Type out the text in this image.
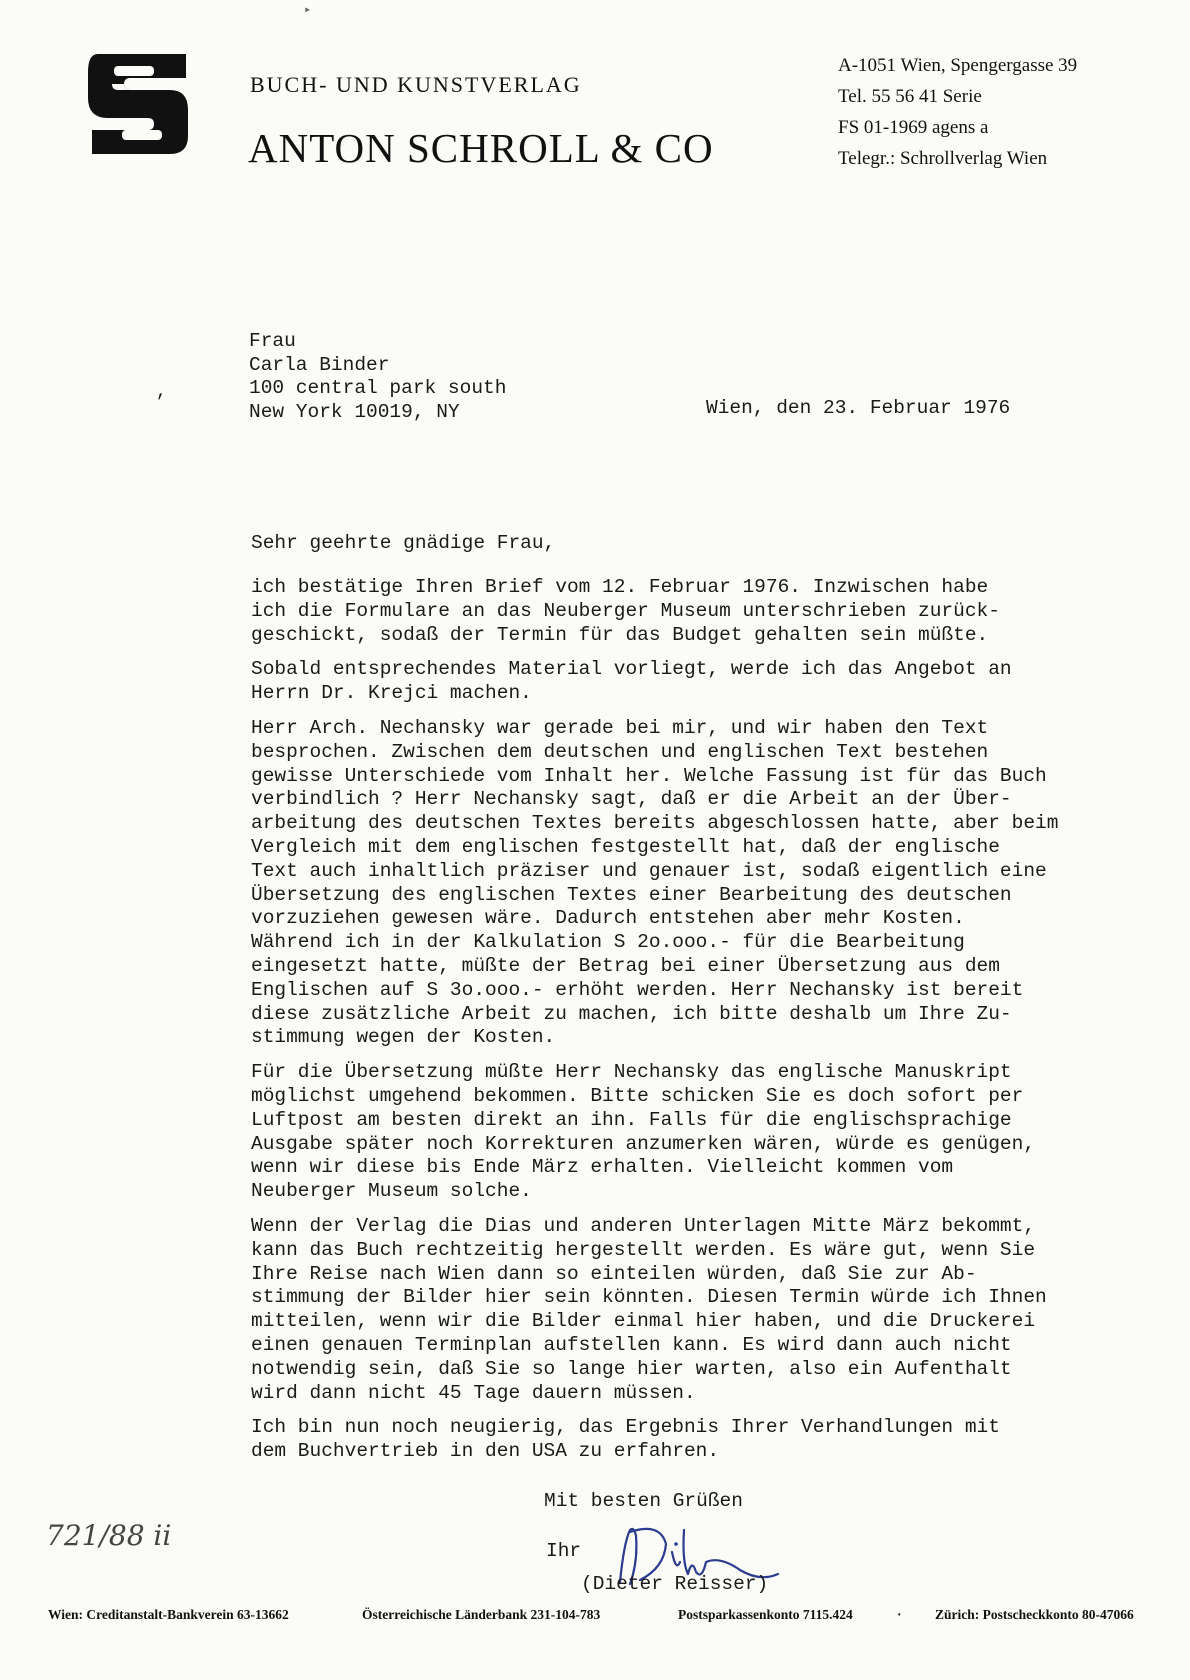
▸
BUCH- UND KUNSTVERLAG
ANTON SCHROLL & CO
A-1051 Wien, Spengergasse 39
Tel. 55 56 41 Serie
FS 01-1969 agens a
Telegr.: Schrollverlag Wien
Frau
Carla Binder
100 central park south
New York 10019, NY
,
Wien, den 23. Februar 1976
Sehr geehrte gnädige Frau,

ich bestätige Ihren Brief vom 12. Februar 1976. Inzwischen habe
ich die Formulare an das Neuberger Museum unterschrieben zurück-
geschickt, sodaß der Termin für das Budget gehalten sein müßte.

Sobald entsprechendes Material vorliegt, werde ich das Angebot an
Herrn Dr. Krejci machen.

Herr Arch. Nechansky war gerade bei mir, und wir haben den Text
besprochen. Zwischen dem deutschen und englischen Text bestehen
gewisse Unterschiede vom Inhalt her. Welche Fassung ist für das Buch
verbindlich ? Herr Nechansky sagt, daß er die Arbeit an der Über-
arbeitung des deutschen Textes bereits abgeschlossen hatte, aber beim
Vergleich mit dem englischen festgestellt hat, daß der englische
Text auch inhaltlich präziser und genauer ist, sodaß eigentlich eine
Übersetzung des englischen Textes einer Bearbeitung des deutschen
vorzuziehen gewesen wäre. Dadurch entstehen aber mehr Kosten.
Während ich in der Kalkulation S 2o.ooo.- für die Bearbeitung
eingesetzt hatte, müßte der Betrag bei einer Übersetzung aus dem
Englischen auf S 3o.ooo.- erhöht werden. Herr Nechansky ist bereit
diese zusätzliche Arbeit zu machen, ich bitte deshalb um Ihre Zu-
stimmung wegen der Kosten.

Für die Übersetzung müßte Herr Nechansky das englische Manuskript
möglichst umgehend bekommen. Bitte schicken Sie es doch sofort per
Luftpost am besten direkt an ihn. Falls für die englischsprachige
Ausgabe später noch Korrekturen anzumerken wären, würde es genügen,
wenn wir diese bis Ende März erhalten. Vielleicht kommen vom
Neuberger Museum solche.

Wenn der Verlag die Dias und anderen Unterlagen Mitte März bekommt,
kann das Buch rechtzeitig hergestellt werden. Es wäre gut, wenn Sie
Ihre Reise nach Wien dann so einteilen würden, daß Sie zur Ab-
stimmung der Bilder hier sein könnten. Diesen Termin würde ich Ihnen
mitteilen, wenn wir die Bilder einmal hier haben, und die Druckerei
einen genauen Terminplan aufstellen kann. Es wird dann auch nicht
notwendig sein, daß Sie so lange hier warten, also ein Aufenthalt
wird dann nicht 45 Tage dauern müssen.

Ich bin nun noch neugierig, das Ergebnis Ihrer Verhandlungen mit
dem Buchvertrieb in den USA zu erfahren.

Mit besten Grüßen
Ihr
(Dieter Reisser)
721/88 ii
Wien: Creditanstalt-Bankverein 63-13662	Österreichische Länderbank 231-104-783	Postsparkassenkonto 7115.424	· Zürich: Postscheckkonto 80-47066
